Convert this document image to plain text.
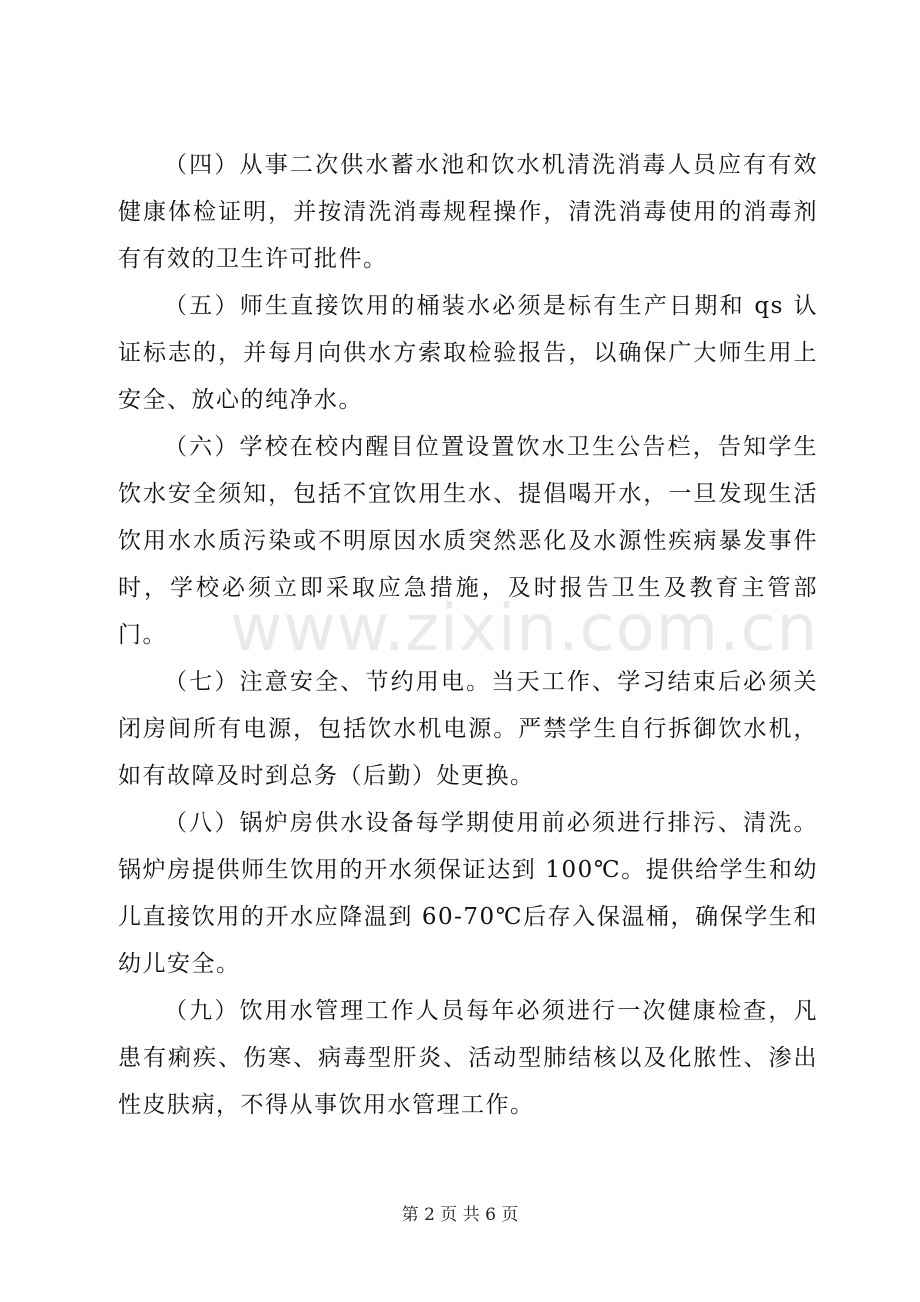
（四）从事二次供水蓄水池和饮水机清洗消毒人员应有有效健康体检证明，并按清洗消毒规程操作，清洗消毒使用的消毒剂有有效的卫生许可批件。

（五）师生直接饮用的桶装水必须是标有生产日期和 qs 认证标志的，并每月向供水方索取检验报告，以确保广大师生用上安全、放心的纯净水。

（六）学校在校内醒目位置设置饮水卫生公告栏，告知学生饮水安全须知，包括不宜饮用生水、提倡喝开水，一旦发现生活饮用水水质污染或不明原因水质突然恶化及水源性疾病暴发事件时，学校必须立即采取应急措施，及时报告卫生及教育主管部门。

（七）注意安全、节约用电。当天工作、学习结束后必须关闭房间所有电源，包括饮水机电源。严禁学生自行拆御饮水机，如有故障及时到总务（后勤）处更换。

（八）锅炉房供水设备每学期使用前必须进行排污、清洗。锅炉房提供师生饮用的开水须保证达到 100℃。提供给学生和幼儿直接饮用的开水应降温到 60-70℃后存入保温桶，确保学生和幼儿安全。

（九）饮用水管理工作人员每年必须进行一次健康检查，凡患有痢疾、伤寒、病毒型肝炎、活动型肺结核以及化脓性、渗出性皮肤病，不得从事饮用水管理工作。

www.zixin.com.cn
第 2 页 共 6 页
